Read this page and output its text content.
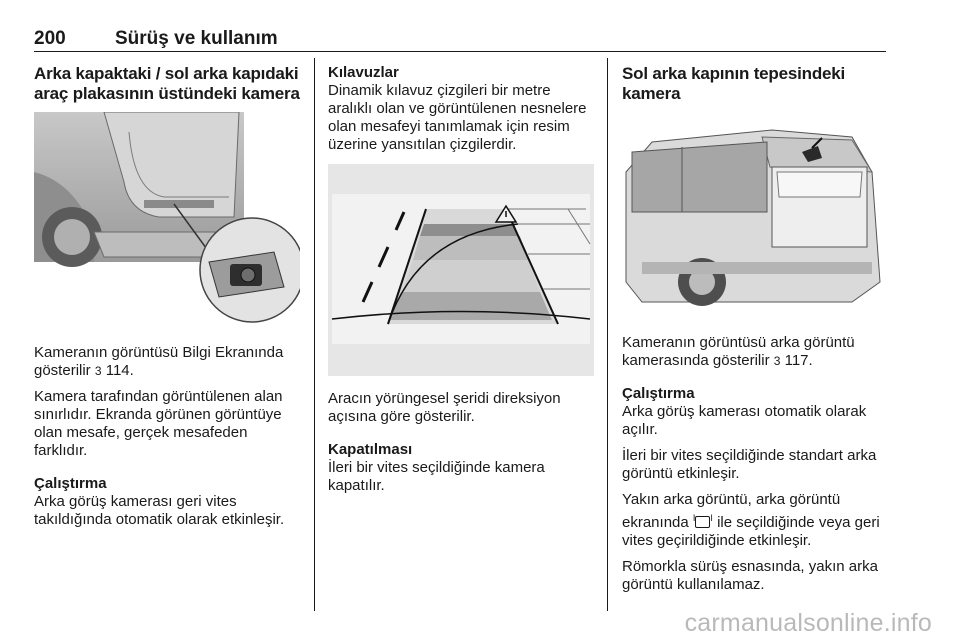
200	Sürüş ve kullanım
Arka kapaktaki / sol arka kapıdaki araç plakasının üstündeki kamera

Kameranın görüntüsü Bilgi Ekranında gösterilir 3 114.

Kamera tarafından görüntülenen alan sınırlıdır. Ekranda görünen görüntüye olan mesafe, gerçek mesafeden farklıdır.

Çalıştırma

Arka görüş kamerası geri vites takıldığında otomatik olarak etkinleşir.

Kılavuzlar

Dinamik kılavuz çizgileri bir metre aralıklı olan ve görüntülenen nesnelere olan mesafeyi tanımlamak için resim üzerine yansıtılan çizgilerdir.

Aracın yörüngesel şeridi direksiyon açısına göre gösterilir.

Kapatılması

İleri bir vites seçildiğinde kamera kapatılır.

Sol arka kapının tepesindeki kamera

Kameranın görüntüsü arka görüntü kamerasında gösterilir 3 117.

Çalıştırma

Arka görüş kamerası otomatik olarak açılır.

İleri bir vites seçildiğinde standart arka görüntü etkinleşir.

Yakın arka görüntü, arka görüntü ekranında $^I$ $^I$ ile seçildiğinde veya geri vites geçirildiğinde etkinleşir.

Römorkla sürüş esnasında, yakın arka görüntü kullanılamaz.

carmanualsonline.info
